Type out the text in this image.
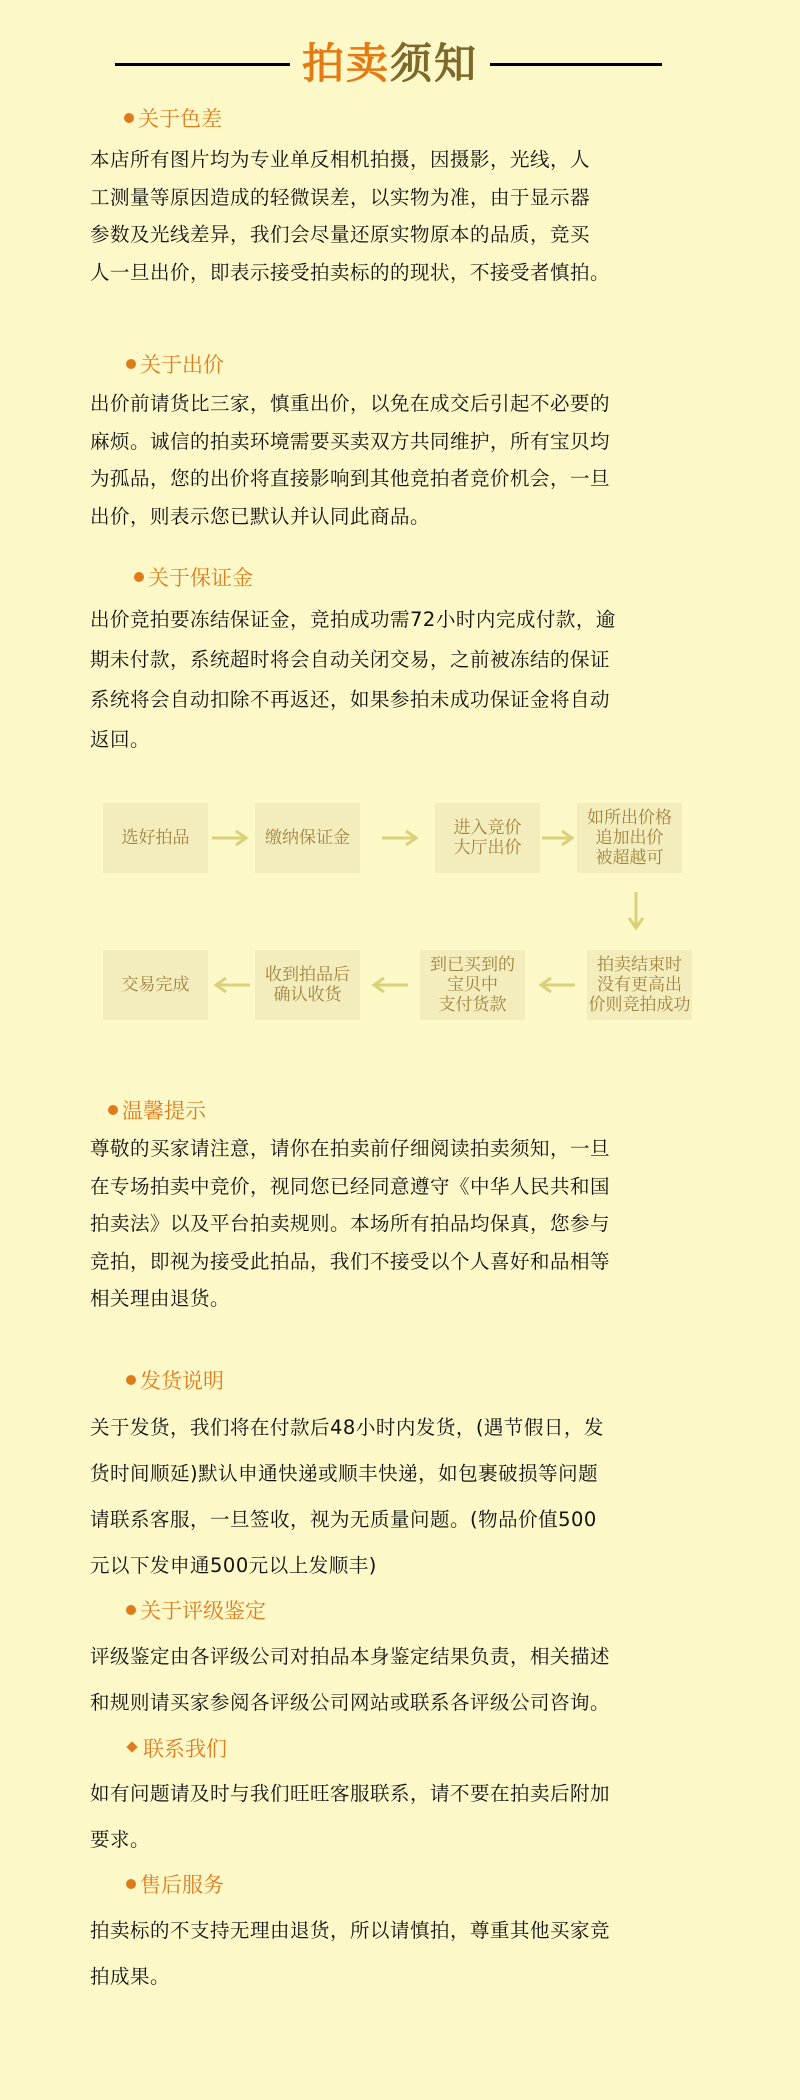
拍卖须知
关于色差
本店所有图片均为专业单反相机拍摄，因摄影，光线，人
工测量等原因造成的轻微误差，以实物为准，由于显示器
参数及光线差异，我们会尽量还原实物原本的品质，竞买
人一旦出价，即表示接受拍卖标的的现状，不接受者慎拍。
关于出价
出价前请货比三家，慎重出价，以免在成交后引起不必要的
麻烦。诚信的拍卖环境需要买卖双方共同维护，所有宝贝均
为孤品，您的出价将直接影响到其他竞拍者竞价机会，一旦
出价，则表示您已默认并认同此商品。
关于保证金
出价竞拍要冻结保证金，竞拍成功需72小时内完成付款，逾
期未付款，系统超时将会自动关闭交易，之前被冻结的保证
系统将会自动扣除不再返还，如果参拍未成功保证金将自动
返回。
选好拍品	缴纳保证金	进入竞价
大厅出价
如所出价格
追加出价
被超越可
拍卖结束时
没有更高出
价则竞拍成功
到已买到的
宝贝中
支付货款
收到拍品后
确认收货
交易完成
温馨提示
尊敬的买家请注意，请你在拍卖前仔细阅读拍卖须知，一旦
在专场拍卖中竞价，视同您已经同意遵守《中华人民共和国
拍卖法》以及平台拍卖规则。本场所有拍品均保真，您参与
竞拍，即视为接受此拍品，我们不接受以个人喜好和品相等
相关理由退货。
发货说明
关于发货，我们将在付款后48小时内发货，(遇节假日，发
货时间顺延)默认申通快递或顺丰快递，如包裹破损等问题
请联系客服，一旦签收，视为无质量问题。(物品价值500
元以下发申通500元以上发顺丰)
关于评级鉴定
评级鉴定由各评级公司对拍品本身鉴定结果负责，相关描述
和规则请买家参阅各评级公司网站或联系各评级公司咨询。
联系我们
如有问题请及时与我们旺旺客服联系，请不要在拍卖后附加
要求。
售后服务
拍卖标的不支持无理由退货，所以请慎拍，尊重其他买家竞
拍成果。
